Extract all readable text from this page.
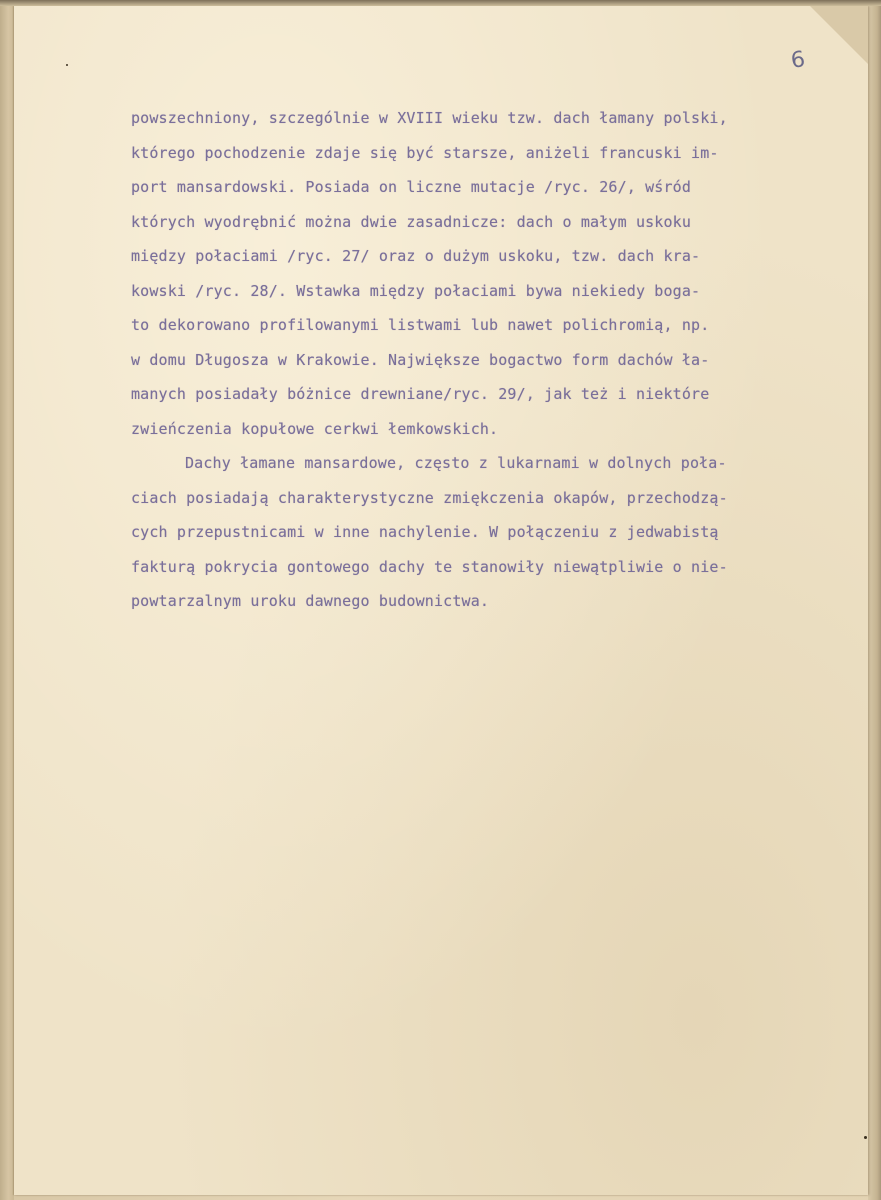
6
powszechniony, szczególnie w XVIII wieku tzw. dach łamany polski,
którego pochodzenie zdaje się być starsze, aniżeli francuski im-
port mansardowski. Posiada on liczne mutacje /ryc. 26/, wśród
których wyodrębnić można dwie zasadnicze: dach o małym uskoku
między połaciami /ryc. 27/ oraz o dużym uskoku, tzw. dach kra-
kowski /ryc. 28/. Wstawka między połaciami bywa niekiedy boga-
to dekorowano profilowanymi listwami lub nawet polichromią, np.
w domu Długosza w Krakowie. Największe bogactwo form dachów ła-
manych posiadały bóżnice drewniane/ryc. 29/, jak też i niektóre
zwieńczenia kopułowe cerkwi łemkowskich.
Dachy łamane mansardowe, często z lukarnami w dolnych poła-
ciach posiadają charakterystyczne zmiękczenia okapów, przechodzą-
cych przepustnicami w inne nachylenie. W połączeniu z jedwabistą
fakturą pokrycia gontowego dachy te stanowiły niewątpliwie o nie-
powtarzalnym uroku dawnego budownictwa.
